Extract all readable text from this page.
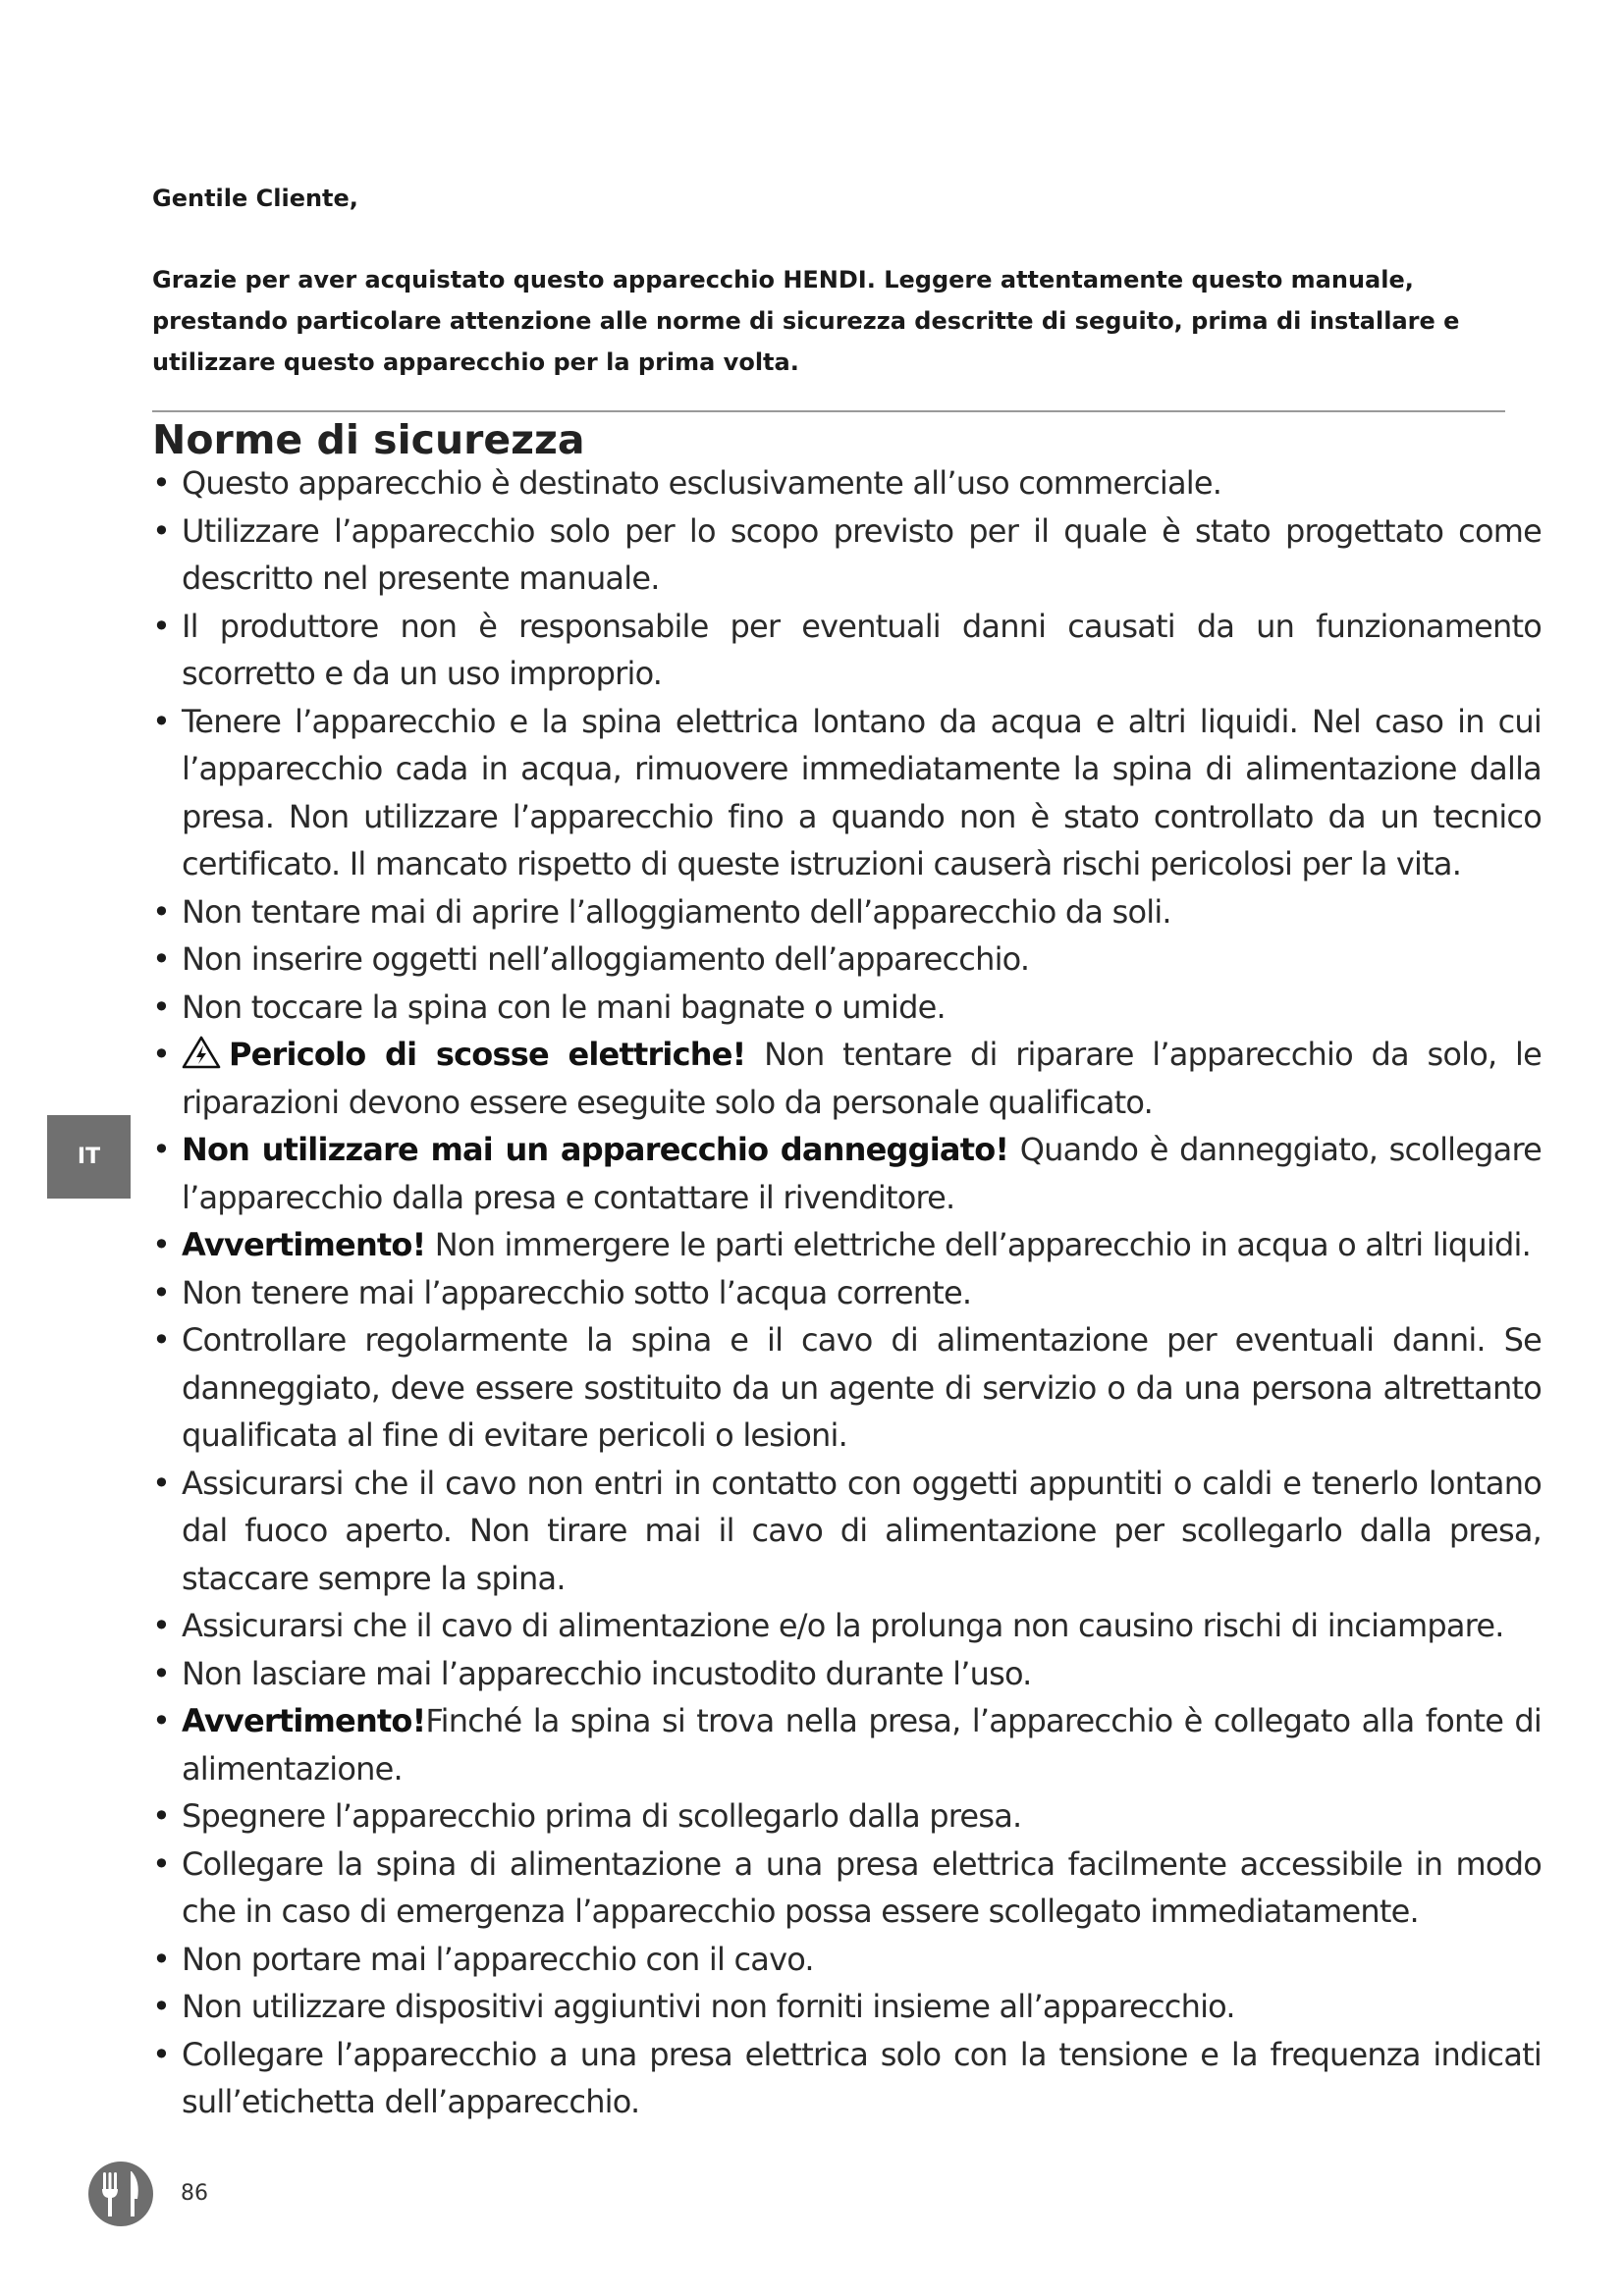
Gentile Cliente,
Grazie per aver acquistato questo apparecchio HENDI. Leggere attentamente questo manuale, prestando particolare attenzione alle norme di sicurezza descritte di seguito, prima di installare e utilizzare questo apparecchio per la prima volta.
Norme di sicurezza
• Questo apparecchio è destinato esclusivamente all’uso commerciale.
• Utilizzare l’apparecchio solo per lo scopo previsto per il quale è stato progettato come descritto nel presente manuale.
• Il produttore non è responsabile per eventuali danni causati da un funzionamento scorretto e da un uso improprio.
• Tenere l’apparecchio e la spina elettrica lontano da acqua e altri liquidi. Nel caso in cui l’apparecchio cada in acqua, rimuovere immediatamente la spina di alimentazione dalla presa. Non utilizzare l’apparecchio fino a quando non è stato controllato da un tecnico certificato. Il mancato rispetto di queste istruzioni causerà rischi pericolosi per la vita.
• Non tentare mai di aprire l’alloggiamento dell’apparecchio da soli.
• Non inserire oggetti nell’alloggiamento dell’apparecchio.
• Non toccare la spina con le mani bagnate o umide.
• Pericolo di scosse elettriche! Non tentare di riparare l’apparecchio da solo, le riparazioni devono essere eseguite solo da personale qualificato.
• Non utilizzare mai un apparecchio danneggiato! Quando è danneggiato, scollegare l’apparecchio dalla presa e contattare il rivenditore.
• Avvertimento! Non immergere le parti elettriche dell’apparecchio in acqua o altri liquidi.
• Non tenere mai l’apparecchio sotto l’acqua corrente.
• Controllare regolarmente la spina e il cavo di alimentazione per eventuali danni. Se danneggiato, deve essere sostituito da un agente di servizio o da una persona altrettanto qualificata al fine di evitare pericoli o lesioni.
• Assicurarsi che il cavo non entri in contatto con oggetti appuntiti o caldi e tenerlo lontano dal fuoco aperto. Non tirare mai il cavo di alimentazione per scollegarlo dalla presa, staccare sempre la spina.
• Assicurarsi che il cavo di alimentazione e/o la prolunga non causino rischi di inciampare.
• Non lasciare mai l’apparecchio incustodito durante l’uso.
• Avvertimento!Finché la spina si trova nella presa, l’apparecchio è collegato alla fonte di alimentazione.
• Spegnere l’apparecchio prima di scollegarlo dalla presa.
• Collegare la spina di alimentazione a una presa elettrica facilmente accessibile in modo che in caso di emergenza l’apparecchio possa essere scollegato immediatamente.
• Non portare mai l’apparecchio con il cavo.
• Non utilizzare dispositivi aggiuntivi non forniti insieme all’apparecchio.
• Collegare l’apparecchio a una presa elettrica solo con la tensione e la frequenza indicati sull’etichetta dell’apparecchio.
IT
86
